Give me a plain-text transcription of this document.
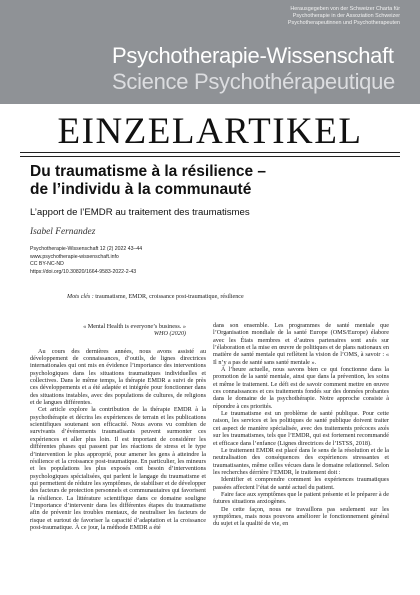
Herausgegeben von der Schweizer Charta für
Psychotherapie in der Assoziation Schweizer
Psychotherapeutinnen und Psychotherapeuten
Psychotherapie-Wissenschaft
Science Psychothérapeutique
EINZELARTIKEL
Du traumatisme à la résilience –
de l’individu à la communauté
L’apport de l’EMDR au traitement des traumatismes
Isabel Fernandez
Psychotherapie-Wissenschaft 12 (2) 2022 43–44
www.psychotherapie-wissenschaft.info
CC BY-NC-ND
https://doi.org/10.30820/1664-9583-2022-2-43
Mots clés : traumatisme, EMDR, croissance post-traumatique, résilience
« Mental Health is everyone’s business. »
WHO (2020)

Au cours des dernières années, nous avons assisté au développement de connaissances, d’outils, de lignes directrices internationales qui ont mis en évidence l’importance des interventions psychologiques dans les situations traumatiques individuelles et collectives. Dans le même temps, la thérapie EMDR a suivi de près ces développements et a été adaptée et intégrée pour fonctionner dans des situations instables, avec des populations de cultures, de religions et de langues différentes.

Cet article explore la contribution de la thérapie EMDR à la psychothérapie et décrira les expériences de terrain et les publications scientifiques soutenant son efficacité. Nous avons vu combien de survivants d’événements traumatisants peuvent surmonter ces expériences et aller plus loin. Il est important de considérer les différentes phases qui passent par les réactions de stress et le type d’intervention le plus approprié, pour amener les gens à atteindre la résilience et la croissance post-traumatique. En particulier, les mineurs et les populations les plus exposés ont besoin d’interventions psychologiques spécialisées, qui parlent le langage du traumatisme et qui permettent de réduire les symptômes, de stabiliser et de développer des facteurs de protection personnels et communautaires qui favorisent la résilience. La littérature scientifique dans ce domaine souligne l’importance d’intervenir dans les différentes étapes du traumatisme afin de prévenir les troubles mentaux, de neutraliser les facteurs de risque et surtout de favoriser la capacité d’adaptation et la croissance post-traumatique. À ce jour, la méthode EMDR a été

dans son ensemble. Les programmes de santé mentale que l’Organisation mondiale de la santé Europe (OMS/Europe) élabore avec les États membres et d’autres partenaires sont axés sur l’élaboration et la mise en œuvre de politiques et de plans nationaux en matière de santé mentale qui reflètent la vision de l’OMS, à savoir : « Il n’y a pas de santé sans santé mentale ».

À l’heure actuelle, nous savons bien ce qui fonctionne dans la promotion de la santé mentale, ainsi que dans la prévention, les soins et même le traitement. Le défi est de savoir comment mettre en œuvre ces connaissances et ces traitements fondés sur des données probantes dans le domaine de la psychothérapie. Notre approche consiste à répondre à ces priorités.

Le traumatisme est un problème de santé publique. Pour cette raison, les services et les politiques de santé publique doivent traiter cet aspect de manière spécialisée, avec des traitements précoces axés sur les traumatismes, tels que l’EMDR, qui est fortement recommandé et efficace dans l’enfance (Lignes directrices de l’ISTSS, 2018).

Le traitement EMDR est placé dans le sens de la résolution et de la neutralisation des conséquences des expériences stressantes et traumatisantes, même celles vécues dans le domaine relationnel. Selon les recherches dérrière l’EMDR, le traitement doit :

Identifier et comprendre comment les expériences traumatiques passées affectent l’état de santé actuel du patient.

Faire face aux symptômes que le patient présente et le préparer à de futures situations anxiogènes.

De cette façon, nous ne travaillons pas seulement sur les symptômes, mais nous pouvons améliorer le fonctionnement général du sujet et la qualité de vie, en
